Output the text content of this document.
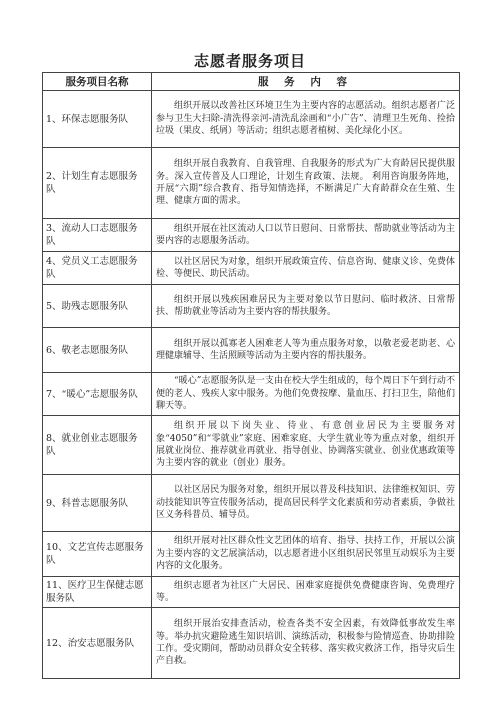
志愿者服务项目
服务项目名称	服 务 内 容
1、环保志愿服务队	组织开展以改善社区环境卫生为主要内容的志愿活动。组织志愿者广泛参与卫生大扫除-清洗得亲河-清洗乱涂画和“小广告”、清理卫生死角、捡拾垃圾（果皮、纸屑）等活动；组织志愿者植树、美化绿化小区。
2、计划生育志愿服务队	组织开展自我教育、自我管理、自我服务的形式为广大育龄居民提供服务。深入宣传普及人口理论，计划生育政策、法规。 利用咨询服务阵地，开展“六期”综合教育、指导知情选择，不断满足广大育龄群众在生殖、生理、健康方面的需求。
3、流动人口志愿服务队	组织开展在社区流动人口以节日慰问、日常帮扶、帮助就业等活动为主要内容的志愿服务活动。
4、党员义工志愿服务队	以社区居民为对象，组织开展政策宣传、信息咨询、健康义诊、免费体检、等便民、助民活动。
5、助残志愿服务队	组织开展以残疾困难居民为主要对象以节日慰问、临时救济、日常帮扶、帮助就业等活动为主要内容的帮扶服务。
6、敬老志愿服务队	组织开展以孤寡老人困难老人等为重点服务对象，以敬老爱老助老、心理健康辅导、生活照顾等活动为主要内容的帮扶服务。
7、“暖心”志愿服务队	“暖心”志愿服务队是一支由在校大学生组成的，每个周日下午到行动不便的老人、残疾人家中服务。为他们免费按摩、量血压、打扫卫生，陪他们聊天等。
8、就业创业志愿服务队	组织开展以下岗失业、待业、有意创业居民为主要服务对象“4050”和“零就业”家庭、困难家庭、大学生就业等为重点对象，组织开展就业岗位、推荐就业再就业、指导创业、协调落实就业、创业优惠政策等为主要内容的就业（创业）服务。
9、科普志愿服务队	以社区居民为服务对象，组织开展以普及科技知识、法律维权知识、劳动技能知识等宣传服务活动，提高居民科学文化素质和劳动者素质，争做社区义务科普员、辅导员。
10、文艺宣传志愿服务队	组织开展对社区群众性文艺团体的培育、指导、扶持工作，开展以公演为主要内容的文艺展演活动，以志愿者进小区组织居民邻里互动娱乐为主要内容的文化服务。
11、医疗卫生保健志愿服务队	组织志愿者为社区广大居民、困难家庭提供免费健康咨询、免费理疗等。
12、治安志愿服务队	组织开展治安排查活动，检查各类不安全因素，有效降低事故发生率等。举办抗灾避险逃生知识培训、演练活动，积极参与险情巡查、协助排险工作。受灾期间，帮助动员群众安全转移、落实救灾救济工作，指导灾后生产自救。
